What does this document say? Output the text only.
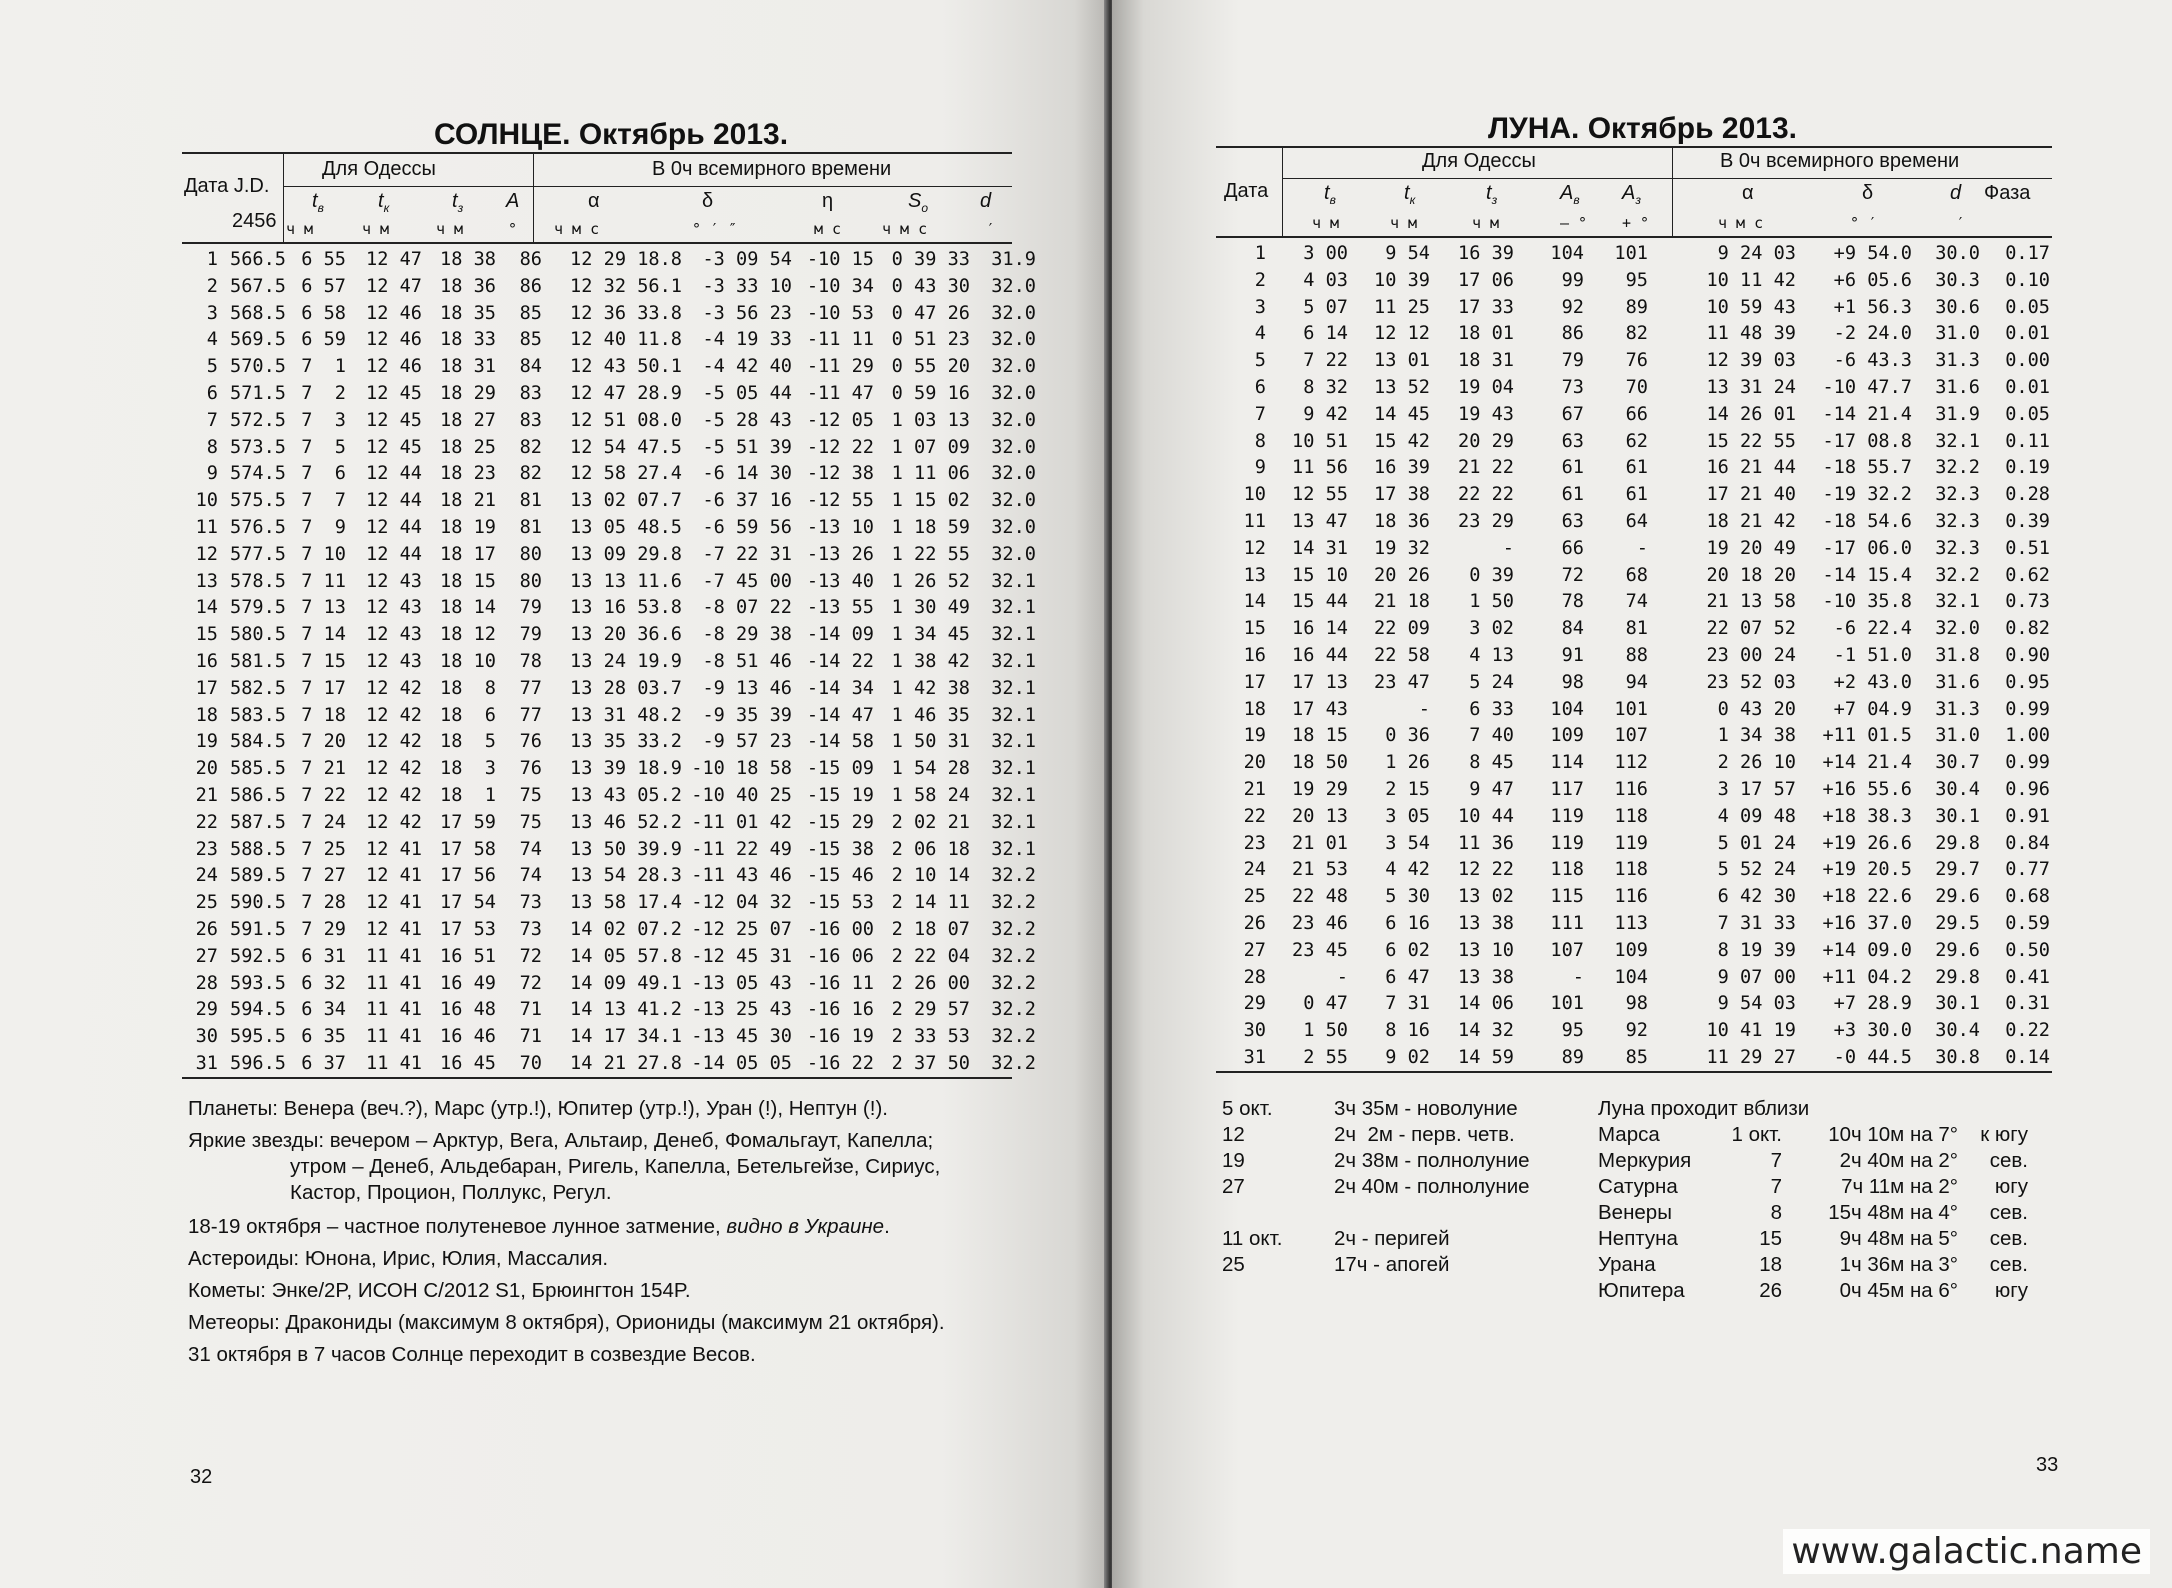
СОЛНЦЕ. Октябрь 2013.
Дата J.D.
2456
Для Одессы	В 0ч всемирного времени
$t_в$	$t_к$	$t_з$ A	α	δ	η	$S_o$	d
ч м	ч м	ч м	° ч м с	° ′ ″	м с	ч м с	′
1	566.5	6 55	12 47	18 38	86	12 29 18.8	-3 09 54	-10 15	0 39 33	31.9
2	567.5	6 57	12 47	18 36	86	12 32 56.1	-3 33 10	-10 34	0 43 30	32.0
3	568.5	6 58	12 46	18 35	85	12 36 33.8	-3 56 23	-10 53	0 47 26	32.0
4	569.5	6 59	12 46	18 33	85	12 40 11.8	-4 19 33	-11 11	0 51 23	32.0
5	570.5	7  1	12 46	18 31	84	12 43 50.1	-4 42 40	-11 29	0 55 20	32.0
6	571.5	7  2	12 45	18 29	83	12 47 28.9	-5 05 44	-11 47	0 59 16	32.0
7	572.5	7  3	12 45	18 27	83	12 51 08.0	-5 28 43	-12 05	1 03 13	32.0
8	573.5	7  5	12 45	18 25	82	12 54 47.5	-5 51 39	-12 22	1 07 09	32.0
9	574.5	7  6	12 44	18 23	82	12 58 27.4	-6 14 30	-12 38	1 11 06	32.0
10	575.5	7  7	12 44	18 21	81	13 02 07.7	-6 37 16	-12 55	1 15 02	32.0
11	576.5	7  9	12 44	18 19	81	13 05 48.5	-6 59 56	-13 10	1 18 59	32.0
12	577.5	7 10	12 44	18 17	80	13 09 29.8	-7 22 31	-13 26	1 22 55	32.0
13	578.5	7 11	12 43	18 15	80	13 13 11.6	-7 45 00	-13 40	1 26 52	32.1
14	579.5	7 13	12 43	18 14	79	13 16 53.8	-8 07 22	-13 55	1 30 49	32.1
15	580.5	7 14	12 43	18 12	79	13 20 36.6	-8 29 38	-14 09	1 34 45	32.1
16	581.5	7 15	12 43	18 10	78	13 24 19.9	-8 51 46	-14 22	1 38 42	32.1
17	582.5	7 17	12 42	18  8	77	13 28 03.7	-9 13 46	-14 34	1 42 38	32.1
18	583.5	7 18	12 42	18  6	77	13 31 48.2	-9 35 39	-14 47	1 46 35	32.1
19	584.5	7 20	12 42	18  5	76	13 35 33.2	-9 57 23	-14 58	1 50 31	32.1
20	585.5	7 21	12 42	18  3	76	13 39 18.9	-10 18 58	-15 09	1 54 28	32.1
21	586.5	7 22	12 42	18  1	75	13 43 05.2	-10 40 25	-15 19	1 58 24	32.1
22	587.5	7 24	12 42	17 59	75	13 46 52.2	-11 01 42	-15 29	2 02 21	32.1
23	588.5	7 25	12 41	17 58	74	13 50 39.9	-11 22 49	-15 38	2 06 18	32.1
24	589.5	7 27	12 41	17 56	74	13 54 28.3	-11 43 46	-15 46	2 10 14	32.2
25	590.5	7 28	12 41	17 54	73	13 58 17.4	-12 04 32	-15 53	2 14 11	32.2
26	591.5	7 29	12 41	17 53	73	14 02 07.2	-12 25 07	-16 00	2 18 07	32.2
27	592.5	6 31	11 41	16 51	72	14 05 57.8	-12 45 31	-16 06	2 22 04	32.2
28	593.5	6 32	11 41	16 49	72	14 09 49.1	-13 05 43	-16 11	2 26 00	32.2
29	594.5	6 34	11 41	16 48	71	14 13 41.2	-13 25 43	-16 16	2 29 57	32.2
30	595.5	6 35	11 41	16 46	71	14 17 34.1	-13 45 30	-16 19	2 33 53	32.2
31	596.5	6 37	11 41	16 45	70	14 21 27.8	-14 05 05	-16 22	2 37 50	32.2

Планеты: Венера (веч.?), Марс (утр.!), Юпитер (утр.!), Уран (!), Нептун (!).

Яркие звезды: вечером – Арктур, Вега, Альтаир, Денеб, Фомальгаут, Капелла;
утром – Денеб, Альдебаран, Ригель, Капелла, Бетельгейзе, Сириус,
Кастор, Процион, Поллукс, Регул.

18-19 октября – частное полутеневое лунное затмение, видно в Украине.

Астероиды: Юнона, Ирис, Юлия, Массалия.

Кометы: Энке/2P, ИСОН С/2012 S1, Брюингтон 154P.

Метеоры: Дракониды (максимум 8 октября), Ориониды (максимум 21 октября).

31 октября в 7 часов Солнце переходит в созвездие Весов.

32
ЛУНА. Октябрь 2013.
Дата
Для Одессы	В 0ч всемирного времени
$t_в$	$t_к$	$t_з$	$A_в$ $A_з$	α	δ	d Фаза
ч м	ч м	ч м	– ° + °	ч м с	° ′	′
1	3 00	9 54	16 39	104	101	9 24 03	+9 54.0	30.0	0.17
2	4 03	10 39	17 06	99	95	10 11 42	+6 05.6	30.3	0.10
3	5 07	11 25	17 33	92	89	10 59 43	+1 56.3	30.6	0.05
4	6 14	12 12	18 01	86	82	11 48 39	-2 24.0	31.0	0.01
5	7 22	13 01	18 31	79	76	12 39 03	-6 43.3	31.3	0.00
6	8 32	13 52	19 04	73	70	13 31 24	-10 47.7	31.6	0.01
7	9 42	14 45	19 43	67	66	14 26 01	-14 21.4	31.9	0.05
8	10 51	15 42	20 29	63	62	15 22 55	-17 08.8	32.1	0.11
9	11 56	16 39	21 22	61	61	16 21 44	-18 55.7	32.2	0.19
10	12 55	17 38	22 22	61	61	17 21 40	-19 32.2	32.3	0.28
11	13 47	18 36	23 29	63	64	18 21 42	-18 54.6	32.3	0.39
12	14 31	19 32	-	66	-	19 20 49	-17 06.0	32.3	0.51
13	15 10	20 26	0 39	72	68	20 18 20	-14 15.4	32.2	0.62
14	15 44	21 18	1 50	78	74	21 13 58	-10 35.8	32.1	0.73
15	16 14	22 09	3 02	84	81	22 07 52	-6 22.4	32.0	0.82
16	16 44	22 58	4 13	91	88	23 00 24	-1 51.0	31.8	0.90
17	17 13	23 47	5 24	98	94	23 52 03	+2 43.0	31.6	0.95
18	17 43	-	6 33	104	101	0 43 20	+7 04.9	31.3	0.99
19	18 15	0 36	7 40	109	107	1 34 38	+11 01.5	31.0	1.00
20	18 50	1 26	8 45	114	112	2 26 10	+14 21.4	30.7	0.99
21	19 29	2 15	9 47	117	116	3 17 57	+16 55.6	30.4	0.96
22	20 13	3 05	10 44	119	118	4 09 48	+18 38.3	30.1	0.91
23	21 01	3 54	11 36	119	119	5 01 24	+19 26.6	29.8	0.84
24	21 53	4 42	12 22	118	118	5 52 24	+19 20.5	29.7	0.77
25	22 48	5 30	13 02	115	116	6 42 30	+18 22.6	29.6	0.68
26	23 46	6 16	13 38	111	113	7 31 33	+16 37.0	29.5	0.59
27	23 45	6 02	13 10	107	109	8 19 39	+14 09.0	29.6	0.50
28	-	6 47	13 38	-	104	9 07 00	+11 04.2	29.8	0.41
29	0 47	7 31	14 06	101	98	9 54 03	+7 28.9	30.1	0.31
30	1 50	8 16	14 32	95	92	10 41 19	+3 30.0	30.4	0.22
31	2 55	9 02	14 59	89	85	11 29 27	-0 44.5	30.8	0.14
5 окт.	3ч 35м - новолуние
12	2ч  2м - перв. четв.
19	2ч 38м - полнолуние
27	2ч 40м - полнолуние

11 окт.	2ч - перигей
25	17ч - апогей
Луна проходит вблизи
Марса	1 окт.	10ч 10м на 7°	к югу
Меркурия	7	2ч 40м на 2°	сев.
Сатурна	7	7ч 11м на 2°	югу
Венеры	8	15ч 48м на 4°	сев.
Нептуна	15	9ч 48м на 5°	сев.
Урана	18	1ч 36м на 3°	сев.
Юпитера	26	0ч 45м на 6°	югу
33
www.galactic.name
